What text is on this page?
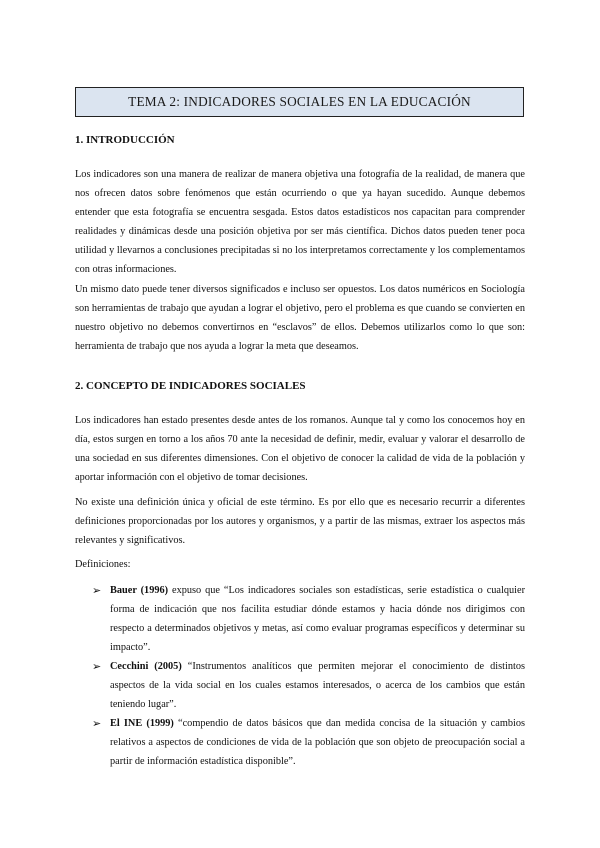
TEMA 2: INDICADORES SOCIALES EN LA EDUCACIÓN
1. INTRODUCCIÓN

Los indicadores son una manera de realizar de manera objetiva una fotografía de la realidad, de manera que nos ofrecen datos sobre fenómenos que están ocurriendo o que ya hayan sucedido. Aunque debemos entender que esta fotografía se encuentra sesgada. Estos datos estadísticos nos capacitan para comprender realidades y dinámicas desde una posición objetiva por ser más científica. Dichos datos pueden tener poca utilidad y llevarnos a conclusiones precipitadas si no los interpretamos correctamente y los complementamos con otras informaciones.

Un mismo dato puede tener diversos significados e incluso ser opuestos. Los datos numéricos en Sociología son herramientas de trabajo que ayudan a lograr el objetivo, pero el problema es que cuando se convierten en nuestro objetivo no debemos convertirnos en “esclavos” de ellos. Debemos utilizarlos como lo que son: herramienta de trabajo que nos ayuda a lograr la meta que deseamos.

2. CONCEPTO DE INDICADORES SOCIALES

Los indicadores han estado presentes desde antes de los romanos. Aunque tal y como los conocemos hoy en día, estos surgen en torno a los años 70 ante la necesidad de definir, medir, evaluar y valorar el desarrollo de una sociedad en sus diferentes dimensiones. Con el objetivo de conocer la calidad de vida de la población y aportar información con el objetivo de tomar decisiones.

No existe una definición única y oficial de este término. Es por ello que es necesario recurrir a diferentes definiciones proporcionadas por los autores y organismos, y a partir de las mismas, extraer los aspectos más relevantes y significativos.

Definiciones:
➢ Bauer (1996) expuso que “Los indicadores sociales son estadísticas, serie estadística o cualquier forma de indicación que nos facilita estudiar dónde estamos y hacia dónde nos dirigimos con respecto a determinados objetivos y metas, así como evaluar programas específicos y determinar su impacto”.

➢ Cecchini (2005) “Instrumentos analíticos que permiten mejorar el conocimiento de distintos aspectos de la vida social en los cuales estamos interesados, o acerca de los cambios que están teniendo lugar”.

➢ El INE (1999) “compendio de datos básicos que dan medida concisa de la situación y cambios relativos a aspectos de condiciones de vida de la población que son objeto de preocupación social a partir de información estadística disponible”.
